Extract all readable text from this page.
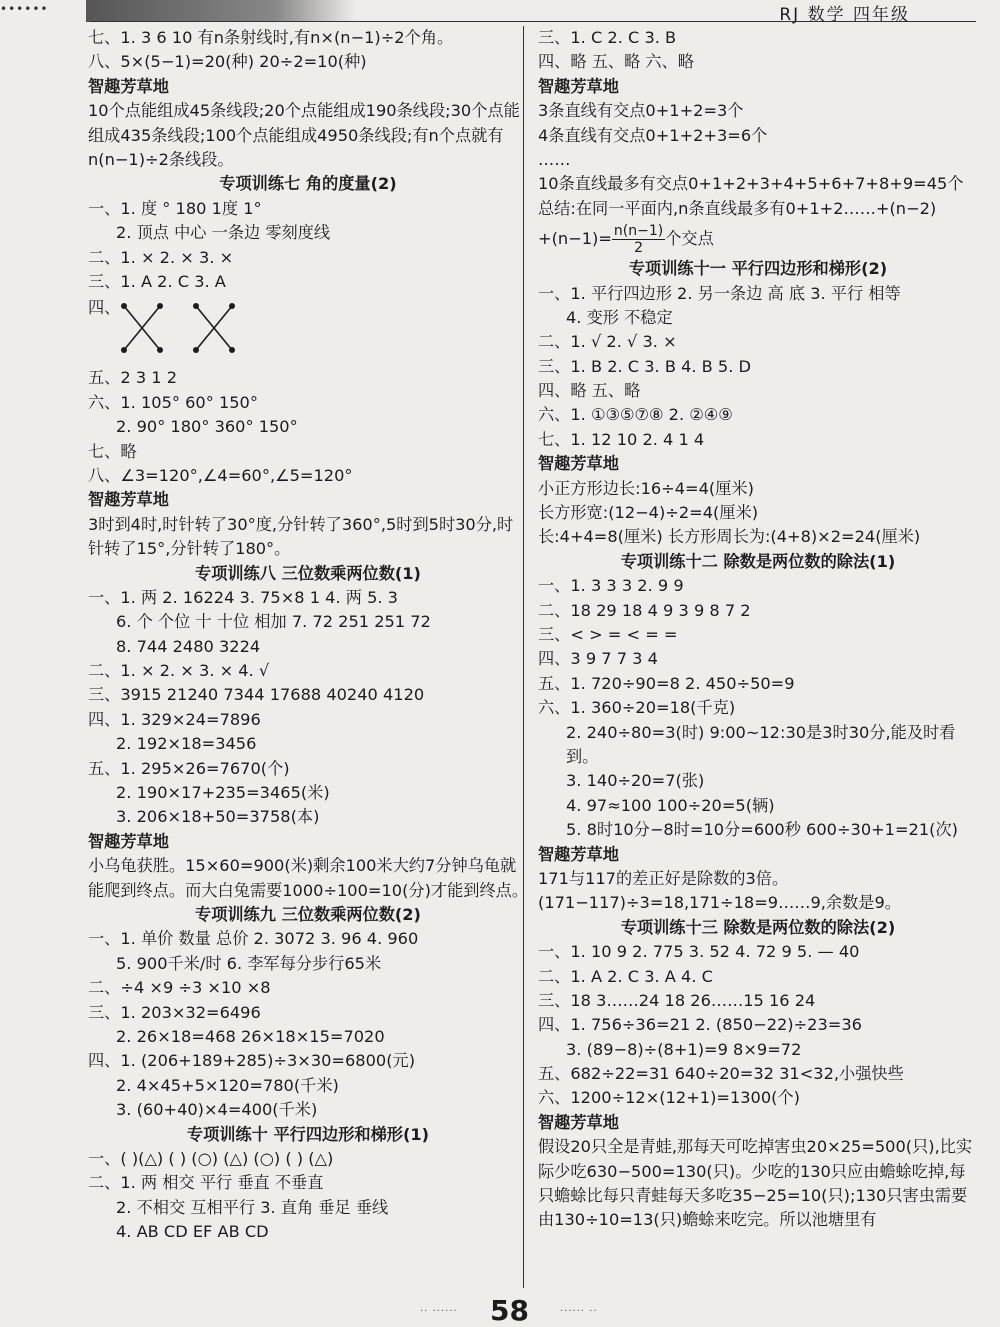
••••••	RJ 数学 四年级
七、1. 3 6 10 有n条射线时,有n×(n−1)÷2个角。
八、5×(5−1)=20(种) 20÷2=10(种)
智趣芳草地
10个点能组成45条线段;20个点能组成190条线段;30个点能组成435条线段;100个点能组成4950条线段;有n个点就有n(n−1)÷2条线段。
专项训练七 角的度量(2)
一、1. 度 ° 180 1度 1°
2. 顶点 中心 一条边 零刻度线
二、1. × 2. × 3. ×
三、1. A 2. C 3. A
四、
五、2 3 1 2
六、1. 105° 60° 150°
2. 90° 180° 360° 150°
七、略
八、∠3=120°,∠4=60°,∠5=120°
智趣芳草地
3时到4时,时针转了30°度,分针转了360°,5时到5时30分,时针转了15°,分针转了180°。
专项训练八 三位数乘两位数(1)
一、1. 两 2. 16224 3. 75×8 1 4. 两 5. 3
6. 个 个位 十 十位 相加 7. 72 251 251 72
8. 744 2480 3224
二、1. × 2. × 3. × 4. √
三、3915 21240 7344 17688 40240 4120
四、1. 329×24=7896
2. 192×18=3456
五、1. 295×26=7670(个)
2. 190×17+235=3465(米)
3. 206×18+50=3758(本)
智趣芳草地
小乌龟获胜。15×60=900(米)剩余100米大约7分钟乌龟就能爬到终点。而大白兔需要1000÷100=10(分)才能到终点。
专项训练九 三位数乘两位数(2)
一、1. 单价 数量 总价 2. 3072 3. 96 4. 960
5. 900千米/时 6. 李军每分步行65米
二、÷4 ×9 ÷3 ×10 ×8
三、1. 203×32=6496
2. 26×18=468 26×18×15=7020
四、1. (206+189+285)÷3×30=6800(元)
2. 4×45+5×120=780(千米)
3. (60+40)×4=400(千米)
专项训练十 平行四边形和梯形(1)
一、( )(△) ( ) (○) (△) (○) ( ) (△)
二、1. 两 相交 平行 垂直 不垂直
2. 不相交 互相平行 3. 直角 垂足 垂线
4. AB CD EF AB CD
三、1. C 2. C 3. B
四、略 五、略 六、略
智趣芳草地
3条直线有交点0+1+2=3个
4条直线有交点0+1+2+3=6个
……
10条直线最多有交点0+1+2+3+4+5+6+7+8+9=45个
总结:在同一平面内,n条直线最多有0+1+2……+(n−2)
$+(n-1)= \frac{n(n-1)}{2}$ 个交点
专项训练十一 平行四边形和梯形(2)
一、1. 平行四边形 2. 另一条边 高 底 3. 平行 相等
4. 变形 不稳定
二、1. √ 2. √ 3. ×
三、1. B 2. C 3. B 4. B 5. D
四、略 五、略
六、1. ①③⑤⑦⑧ 2. ②④⑨
七、1. 12 10 2. 4 1 4
智趣芳草地
小正方形边长:16÷4=4(厘米)
长方形宽:(12−4)÷2=4(厘米)
长:4+4=8(厘米) 长方形周长为:(4+8)×2=24(厘米)
专项训练十二 除数是两位数的除法(1)
一、1. 3 3 3 2. 9 9
二、18 29 18 4 9 3 9 8 7 2
三、< > = < = =
四、3 9 7 7 3 4
五、1. 720÷90=8 2. 450÷50=9
六、1. 360÷20=18(千克)
2. 240÷80=3(时) 9:00~12:30是3时30分,能及时看到。
3. 140÷20=7(张)
4. 97≈100 100÷20=5(辆)
5. 8时10分−8时=10分=600秒 600÷30+1=21(次)
智趣芳草地
171与117的差正好是除数的3倍。(171−117)÷3=18,171÷18=9……9,余数是9。
专项训练十三 除数是两位数的除法(2)
一、1. 10 9 2. 775 3. 52 4. 72 9 5. — 40
二、1. A 2. C 3. A 4. C
三、18 3……24 18 26……15 16 24
四、1. 756÷36=21 2. (850−22)÷23=36
3. (89−8)÷(8+1)=9 8×9=72
五、682÷22=31 640÷20=32 31<32,小强快些
六、1200÷12×(12+1)=1300(个)
智趣芳草地
假设20只全是青蛙,那每天可吃掉害虫20×25=500(只),比实际少吃630−500=130(只)。少吃的130只应由蟾蜍吃掉,每只蟾蜍比每只青蛙每天多吃35−25=10(只);130只害虫需要由130÷10=13(只)蟾蜍来吃完。所以池塘里有
·· ······ 58	······ ··
